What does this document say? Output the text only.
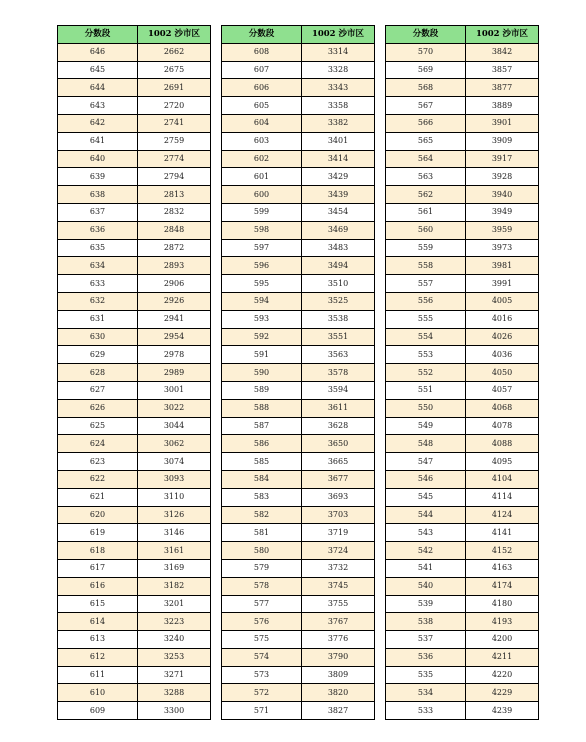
分数段	1002 沙市区
646	2662
645	2675
644	2691
643	2720
642	2741
641	2759
640	2774
639	2794
638	2813
637	2832
636	2848
635	2872
634	2893
633	2906
632	2926
631	2941
630	2954
629	2978
628	2989
627	3001
626	3022
625	3044
624	3062
623	3074
622	3093
621	3110
620	3126
619	3146
618	3161
617	3169
616	3182
615	3201
614	3223
613	3240
612	3253
611	3271
610	3288
609	3300
分数段	1002 沙市区
608	3314
607	3328
606	3343
605	3358
604	3382
603	3401
602	3414
601	3429
600	3439
599	3454
598	3469
597	3483
596	3494
595	3510
594	3525
593	3538
592	3551
591	3563
590	3578
589	3594
588	3611
587	3628
586	3650
585	3665
584	3677
583	3693
582	3703
581	3719
580	3724
579	3732
578	3745
577	3755
576	3767
575	3776
574	3790
573	3809
572	3820
571	3827
分数段	1002 沙市区
570	3842
569	3857
568	3877
567	3889
566	3901
565	3909
564	3917
563	3928
562	3940
561	3949
560	3959
559	3973
558	3981
557	3991
556	4005
555	4016
554	4026
553	4036
552	4050
551	4057
550	4068
549	4078
548	4088
547	4095
546	4104
545	4114
544	4124
543	4141
542	4152
541	4163
540	4174
539	4180
538	4193
537	4200
536	4211
535	4220
534	4229
533	4239
